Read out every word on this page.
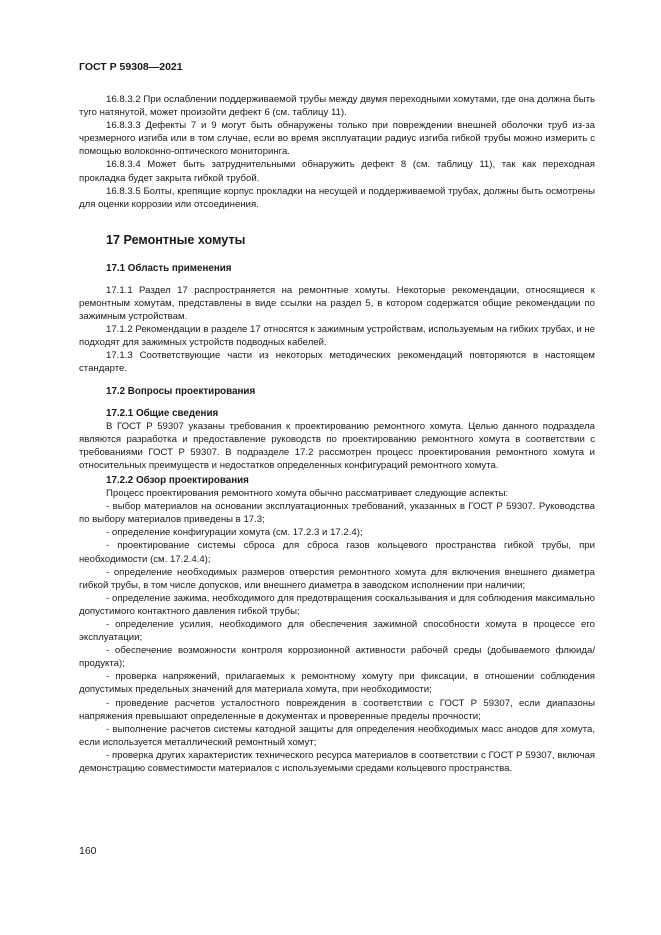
ГОСТ Р 59308—2021

16.8.3.2 При ослаблении поддерживаемой трубы между двумя переходными хомутами, где она должна быть туго натянутой, может произойти дефект 6 (см. таблицу 11).

16.8.3.3 Дефекты 7 и 9 могут быть обнаружены только при повреждении внешней оболочки труб из-за чрезмерного изгиба или в том случае, если во время эксплуатации радиус изгиба гибкой трубы можно измерить с помощью волоконно-оптического мониторинга.

16.8.3.4 Может быть затруднительными обнаружить дефект 8 (см. таблицу 11), так как переходная прокладка будет закрыта гибкой трубой.

16.8.3.5 Болты, крепящие корпус прокладки на несущей и поддерживаемой трубах, должны быть осмотрены для оценки коррозии или отсоединения.

17 Ремонтные хомуты
17.1 Область применения

17.1.1 Раздел 17 распространяется на ремонтные хомуты. Некоторые рекомендации, относящиеся к ремонтным хомутам, представлены в виде ссылки на раздел 5, в котором содержатся общие рекомендации по зажимным устройствам.

17.1.2 Рекомендации в разделе 17 относятся к зажимным устройствам, используемым на гибких трубах, и не подходят для зажимных устройств подводных кабелей.

17.1.3 Соответствующие части из некоторых методических рекомендаций повторяются в настоящем стандарте.

17.2 Вопросы проектирования
17.2.1 Общие сведения

В ГОСТ Р 59307 указаны требования к проектированию ремонтного хомута. Целью данного подраздела являются разработка и предоставление руководств по проектированию ремонтного хомута в соответствии с требованиями ГОСТ Р 59307. В подразделе 17.2 рассмотрен процесс проектирования ремонтного хомута и относительных преимуществ и недостатков определенных конфигураций ремонтного хомута.

17.2.2 Обзор проектирования

Процесс проектирования ремонтного хомута обычно рассматривает следующие аспекты:

- выбор материалов на основании эксплуатационных требований, указанных в ГОСТ Р 59307. Руководства по выбору материалов приведены в 17.3;

- определение конфигурации хомута (см. 17.2.3 и 17.2.4);

- проектирование системы сброса для сброса газов кольцевого пространства гибкой трубы, при необходимости (см. 17.2.4.4);

- определение необходимых размеров отверстия ремонтного хомута для включения внешнего диаметра гибкой трубы, в том числе допусков, или внешнего диаметра в заводском исполнении при наличии;

- определение зажима, необходимого для предотвращения соскальзывания и для соблюдения максимально допустимого контактного давления гибкой трубы;

- определение усилия, необходимого для обеспечения зажимной способности хомута в процессе его эксплуатации;

- обеспечение возможности контроля коррозионной активности рабочей среды (добываемого флюида/продукта);

- проверка напряжений, прилагаемых к ремонтному хомуту при фиксации, в отношении соблюдения допустимых предельных значений для материала хомута, при необходимости;

- проведение расчетов усталостного повреждения в соответствии с ГОСТ Р 59307, если диапазоны напряжения превышают определенные в документах и проверенные пределы прочности;

- выполнение расчетов системы катодной защиты для определения необходимых масс анодов для хомута, если используется металлический ремонтный хомут;

- проверка других характеристик технического ресурса материалов в соответствии с ГОСТ Р 59307, включая демонстрацию совместимости материалов с используемыми средами кольцевого пространства.

160
